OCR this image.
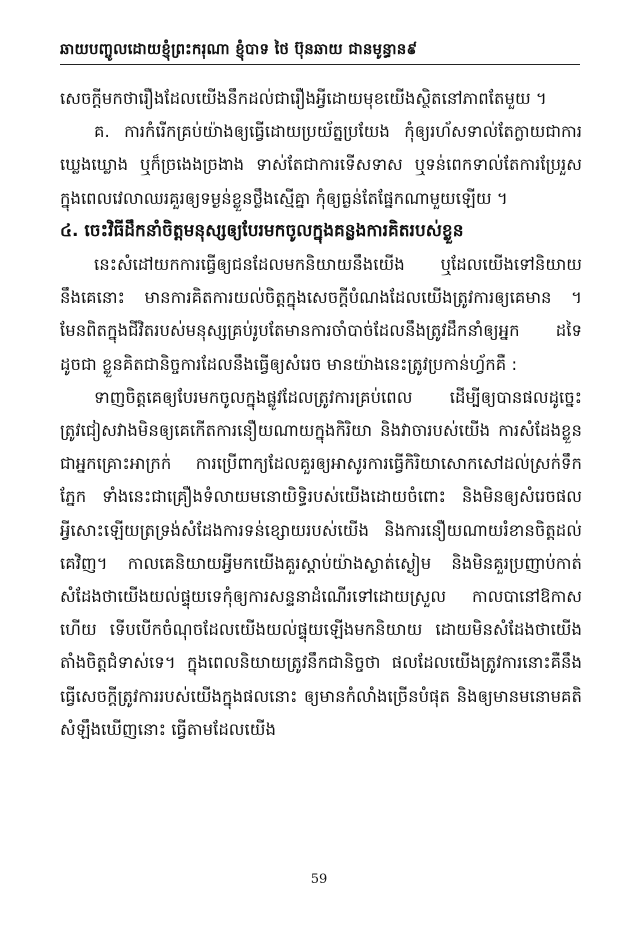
ឆាយបញ្ចូលដោយខ្ញុំព្រះករុណា ខ្ញុំបាទ ថៃ ប៊ុនឆាយ ជានមូន្ធាន៩

សេចក្តីមកថារឿងដែលយើងនឹកដល់ជារឿងអ្វីដោយមុខយើងស្ថិតនៅភាពតែមួយ ។

គ. ការកំរើកគ្រប់យ៉ាងឲ្យធ្វើដោយប្រយ័ត្នប្រយែង កុំឲ្យរហ័សទាល់តែក្លាយជាការឃ្លេងឃ្លោង ឬក៏ច្រងេងច្រងាង ទាស់តែជាការទើសទាស ឬទន់ពេកទាល់តែការប្រែរួសក្នុងពេលវេលាឈរគួរឲ្យទម្ងន់ខ្លួនថ្លឹងស្មើគ្នា កុំឲ្យធ្ងន់តែផ្នែកណាមួយឡើយ ។

៤. ចេះវិធីដឹកនាំចិត្តមនុស្សឲ្យបែរមកចូលក្នុងគន្លងការគិតរបស់ខ្លួន

នេះសំដៅយកការធ្វើឲ្យជនដែលមកនិយាយនឹងយើង ឬដែលយើងទៅនិយាយនឹងគេនោះ មានការគិតការយល់ចិត្តក្នុងសេចក្តីបំណងដែលយើងត្រូវការឲ្យគេមាន ។ មែនពិតក្នុងជីវិតរបស់មនុស្សគ្រប់រូបតែមានការចាំបាច់ដែលនឹងត្រូវដឹកនាំឲ្យអ្នក ដទៃដូចជា ខ្លួនគិតជានិច្ចការដែលនឹងធ្វើឲ្យសំរេច មានយ៉ាងនេះត្រូវប្រកាន់ហ្វ័កគឺ :

ទាញចិត្តគេឲ្យបែរមកចូលក្នុងផ្លូវដែលត្រូវការគ្រប់ពេល ដើម្បីឲ្យបានផលដូច្នេះត្រូវជៀសវាងមិនឲ្យគេកើតការនឿយណាយក្នុងកិរិយា និងវាចារបស់យើង ការសំដែងខ្លួនជាអ្នកគ្រោះអាក្រក់ ការប្រើពាក្យដែលគួរឲ្យអាសូរការធ្វើកិរិយាសោកសៅដល់ស្រក់ទឹកភ្នែក ទាំងនេះជាគ្រឿងទំលាយមនោយិទ្ធិរបស់យើងដោយចំពោះ និងមិនឲ្យសំរេចផលអ្វីសោះឡើយត្រទ្រង់សំដែងការទន់ខ្សោយរបស់យើង និងការនឿយណាយរំខានចិត្តដល់គេវិញ។ កាលគេនិយាយអ្វីមកយើងគួរស្តាប់យ៉ាងស្ងាត់ស្ងៀម និងមិនគួរប្រញាប់កាត់សំដែងថាយើងយល់ផ្ទុយទេកុំឲ្យការសន្ទនាដំណើរទៅដោយស្រួល កាលបានៅឱកាសហើយ ទើបបើកចំណុចដែលយើងយល់ផ្ទុយឡើងមកនិយាយ ដោយមិនសំដែងថាយើងតាំងចិត្តជំទាស់ទេ។ ក្នុងពេលនិយាយត្រូវនឹកជានិច្ចថា ផលដែលយើងត្រូវការនោះគឺនឹងធ្វើសេចក្តីត្រូវការរបស់យើងក្នុងផលនោះ ឲ្យមានកំលាំងច្រើនបំផុត និងឲ្យមានមនោមគតិសំឡឹងឃើញនោះ ធ្វើតាមដែលយើង

59
